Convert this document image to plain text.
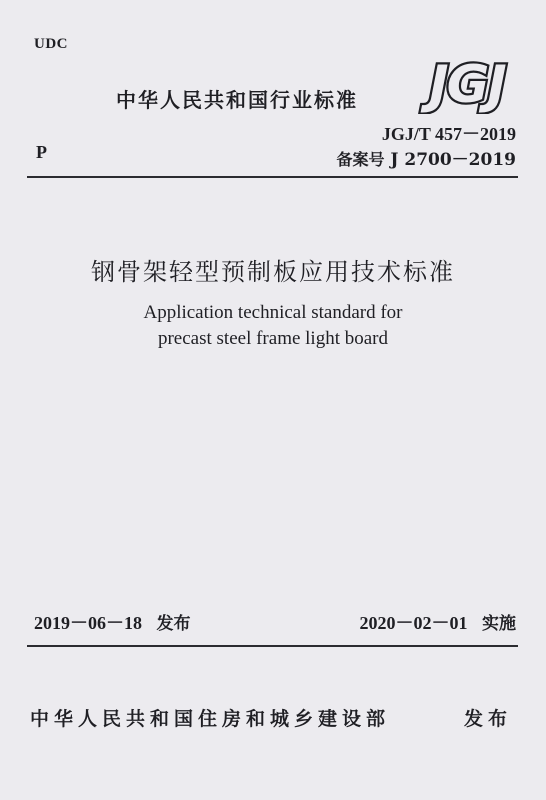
UDC
P
中华人民共和国行业标准 JGJ
JGJ/T 457－2019
备案号 J 2700－2019
钢骨架轻型预制板应用技术标准
Application technical standard for
precast steel frame light board
2019－06－18 发布	2020－02－01 实施
中华人民共和国住房和城乡建设部	发布
